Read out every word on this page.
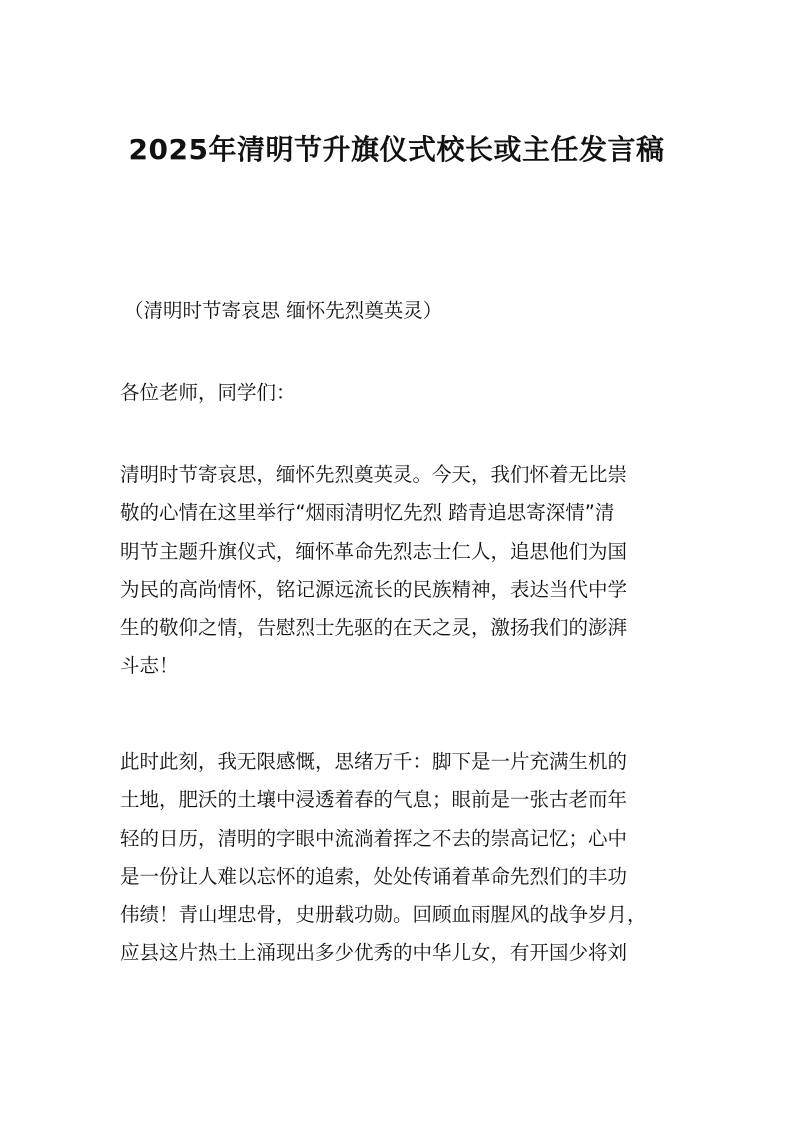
2025年清明节升旗仪式校长或主任发言稿
（清明时节寄哀思 缅怀先烈奠英灵）
各位老师，同学们：
清明时节寄哀思，缅怀先烈奠英灵。今天，我们怀着无比崇
敬的心情在这里举行“烟雨清明忆先烈 踏青追思寄深情”清
明节主题升旗仪式，缅怀革命先烈志士仁人，追思他们为国
为民的高尚情怀，铭记源远流长的民族精神，表达当代中学
生的敬仰之情，告慰烈士先驱的在天之灵，激扬我们的澎湃
斗志！
此时此刻，我无限感慨，思绪万千：脚下是一片充满生机的
土地，肥沃的土壤中浸透着春的气息；眼前是一张古老而年
轻的日历，清明的字眼中流淌着挥之不去的崇高记忆；心中
是一份让人难以忘怀的追索，处处传诵着革命先烈们的丰功
伟绩！青山埋忠骨，史册载功勋。回顾血雨腥风的战争岁月，
应县这片热土上涌现出多少优秀的中华儿女，有开国少将刘
